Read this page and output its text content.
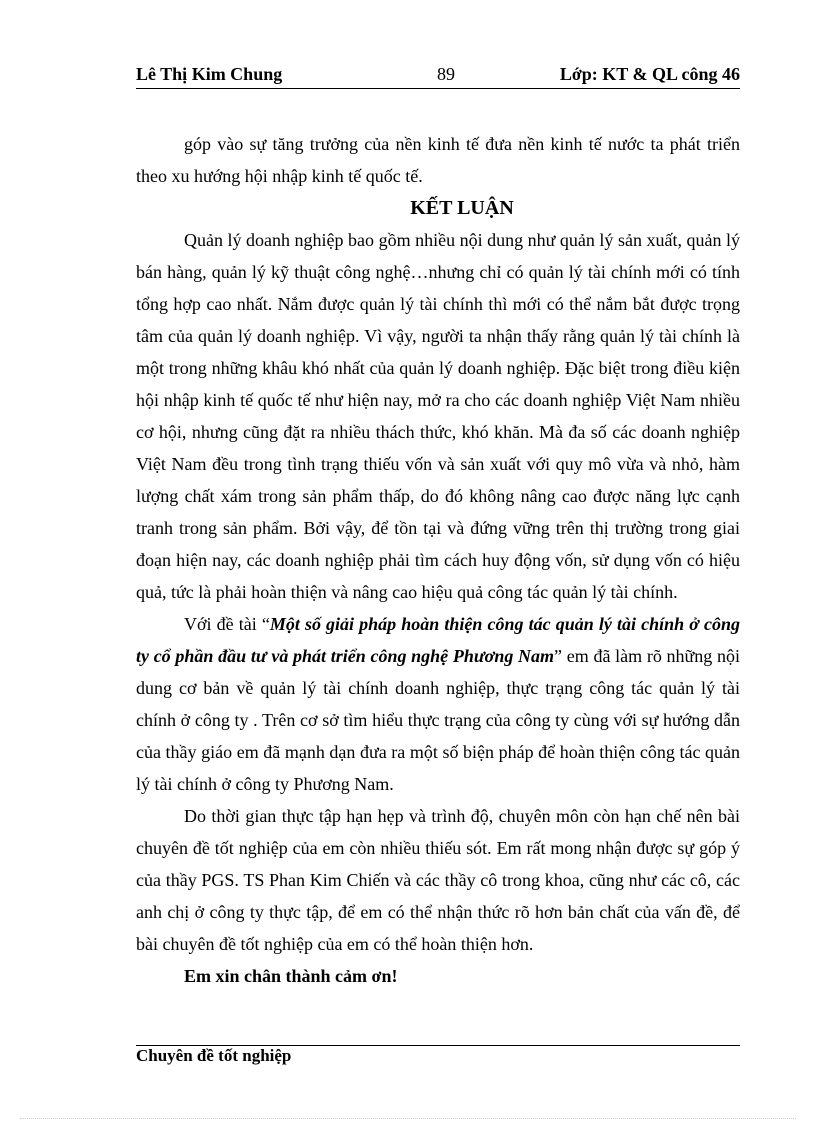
Lê Thị Kim Chung	89	Lớp: KT & QL công 46

góp vào sự tăng trưởng của nền kinh tế đưa nền kinh tế nước ta phát triển theo xu hướng hội nhập kinh tế quốc tế.

KẾT LUẬN

Quản lý doanh nghiệp bao gồm nhiều nội dung như quản lý sản xuất, quản lý bán hàng, quản lý kỹ thuật công nghệ…nhưng chỉ có quản lý tài chính mới có tính tổng hợp cao nhất. Nắm được quản lý tài chính thì mới có thể nắm bắt được trọng tâm của quản lý doanh nghiệp. Vì vậy, người ta nhận thấy rằng quản lý tài chính là một trong những khâu khó nhất của quản lý doanh nghiệp. Đặc biệt trong điều kiện hội nhập kinh tế quốc tế như hiện nay, mở ra cho các doanh nghiệp Việt Nam nhiều cơ hội, nhưng cũng đặt ra nhiều thách thức, khó khăn. Mà đa số các doanh nghiệp Việt Nam đều trong tình trạng thiếu vốn và sản xuất với quy mô vừa và nhỏ, hàm lượng chất xám trong sản phẩm thấp, do đó không nâng cao được năng lực cạnh tranh trong sản phẩm. Bởi vậy, để tồn tại và đứng vững trên thị trường trong giai đoạn hiện nay, các doanh nghiệp phải tìm cách huy động vốn, sử dụng vốn có hiệu quả, tức là phải hoàn thiện và nâng cao hiệu quả công tác quản lý tài chính.

Với đề tài “Một số giải pháp hoàn thiện công tác quản lý tài chính ở công ty cổ phần đầu tư và phát triển công nghệ Phương Nam” em đã làm rõ những nội dung cơ bản về quản lý tài chính doanh nghiệp, thực trạng công tác quản lý tài chính ở công ty . Trên cơ sở tìm hiểu thực trạng của công ty cùng với sự hướng dẫn của thầy giáo em đã mạnh dạn đưa ra một số biện pháp để hoàn thiện công tác quản lý tài chính ở công ty Phương Nam.

Do thời gian thực tập hạn hẹp và trình độ, chuyên môn còn hạn chế nên bài chuyên đề tốt nghiệp của em còn nhiều thiếu sót. Em rất mong nhận được sự góp ý của thầy PGS. TS Phan Kim Chiến và các thầy cô trong khoa, cũng như các cô, các anh chị ở công ty thực tập, để em có thể nhận thức rõ hơn bản chất của vấn đề, để bài chuyên đề tốt nghiệp của em có thể hoàn thiện hơn.

Em xin chân thành cảm ơn!

Chuyên đề tốt nghiệp
